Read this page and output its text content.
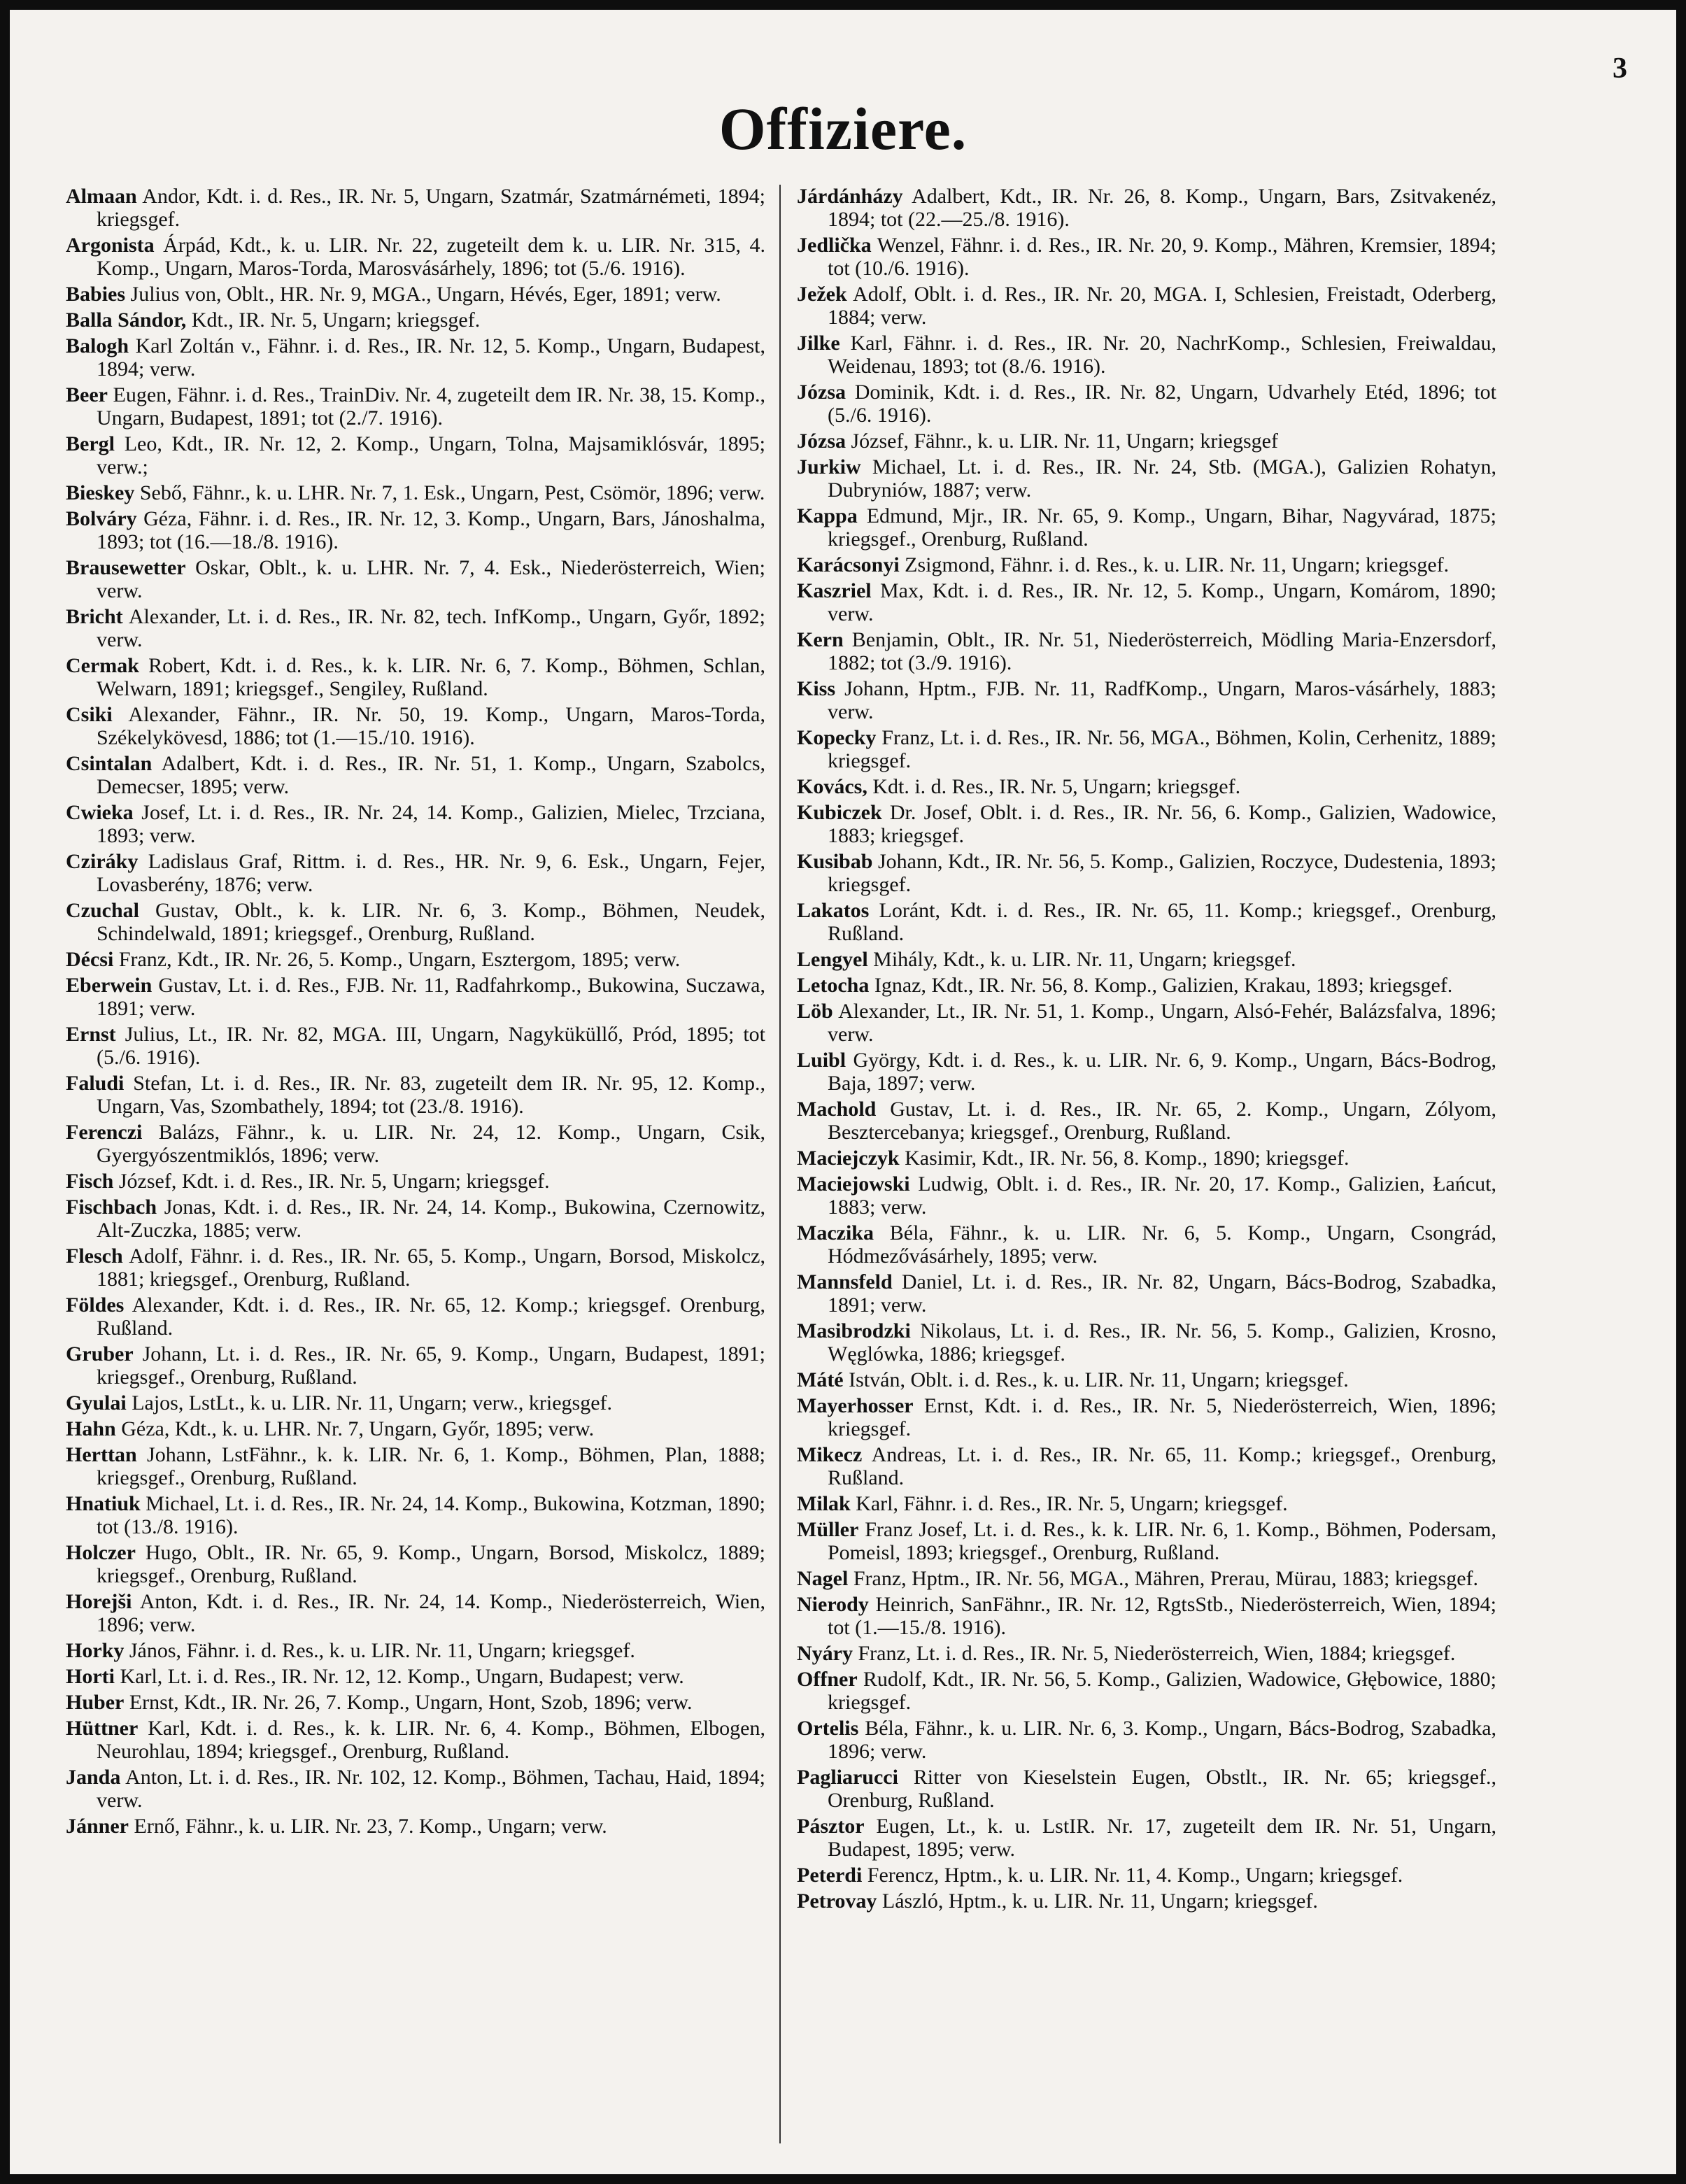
3
Offiziere.

Almaan Andor, Kdt. i. d. Res., IR. Nr. 5, Ungarn, Szatmár, Szatmárnémeti, 1894; kriegsgef.

Argonista Árpád, Kdt., k. u. LIR. Nr. 22, zugeteilt dem k. u. LIR. Nr. 315, 4. Komp., Ungarn, Maros-Torda, Marosvásárhely, 1896; tot (5./6. 1916).

Babies Julius von, Oblt., HR. Nr. 9, MGA., Ungarn, Hévés, Eger, 1891; verw.

Balla Sándor, Kdt., IR. Nr. 5, Ungarn; kriegsgef.

Balogh Karl Zoltán v., Fähnr. i. d. Res., IR. Nr. 12, 5. Komp., Ungarn, Budapest, 1894; verw.

Beer Eugen, Fähnr. i. d. Res., TrainDiv. Nr. 4, zugeteilt dem IR. Nr. 38, 15. Komp., Ungarn, Budapest, 1891; tot (2./7. 1916).

Bergl Leo, Kdt., IR. Nr. 12, 2. Komp., Ungarn, Tolna, Majsamiklósvár, 1895; verw.;

Bieskey Sebő, Fähnr., k. u. LHR. Nr. 7, 1. Esk., Ungarn, Pest, Csömör, 1896; verw.

Bolváry Géza, Fähnr. i. d. Res., IR. Nr. 12, 3. Komp., Ungarn, Bars, Jánoshalma, 1893; tot (16.—18./8. 1916).

Brausewetter Oskar, Oblt., k. u. LHR. Nr. 7, 4. Esk., Niederösterreich, Wien; verw.

Bricht Alexander, Lt. i. d. Res., IR. Nr. 82, tech. InfKomp., Ungarn, Győr, 1892; verw.

Cermak Robert, Kdt. i. d. Res., k. k. LIR. Nr. 6, 7. Komp., Böhmen, Schlan, Welwarn, 1891; kriegsgef., Sengiley, Rußland.

Csiki Alexander, Fähnr., IR. Nr. 50, 19. Komp., Ungarn, Maros-Torda, Székelykövesd, 1886; tot (1.—15./10. 1916).

Csintalan Adalbert, Kdt. i. d. Res., IR. Nr. 51, 1. Komp., Ungarn, Szabolcs, Demecser, 1895; verw.

Cwieka Josef, Lt. i. d. Res., IR. Nr. 24, 14. Komp., Galizien, Mielec, Trzciana, 1893; verw.

Cziráky Ladislaus Graf, Rittm. i. d. Res., HR. Nr. 9, 6. Esk., Ungarn, Fejer, Lovasberény, 1876; verw.

Czuchal Gustav, Oblt., k. k. LIR. Nr. 6, 3. Komp., Böhmen, Neudek, Schindelwald, 1891; kriegsgef., Orenburg, Rußland.

Décsi Franz, Kdt., IR. Nr. 26, 5. Komp., Ungarn, Esztergom, 1895; verw.

Eberwein Gustav, Lt. i. d. Res., FJB. Nr. 11, Radfahrkomp., Bukowina, Suczawa, 1891; verw.

Ernst Julius, Lt., IR. Nr. 82, MGA. III, Ungarn, Nagyküküllő, Pród, 1895; tot (5./6. 1916).

Faludi Stefan, Lt. i. d. Res., IR. Nr. 83, zugeteilt dem IR. Nr. 95, 12. Komp., Ungarn, Vas, Szombathely, 1894; tot (23./8. 1916).

Ferenczi Balázs, Fähnr., k. u. LIR. Nr. 24, 12. Komp., Ungarn, Csik, Gyergyószentmiklós, 1896; verw.

Fisch József, Kdt. i. d. Res., IR. Nr. 5, Ungarn; kriegsgef.

Fischbach Jonas, Kdt. i. d. Res., IR. Nr. 24, 14. Komp., Bukowina, Czernowitz, Alt-Zuczka, 1885; verw.

Flesch Adolf, Fähnr. i. d. Res., IR. Nr. 65, 5. Komp., Ungarn, Borsod, Miskolcz, 1881; kriegsgef., Orenburg, Rußland.

Földes Alexander, Kdt. i. d. Res., IR. Nr. 65, 12. Komp.; kriegsgef. Orenburg, Rußland.

Gruber Johann, Lt. i. d. Res., IR. Nr. 65, 9. Komp., Ungarn, Budapest, 1891; kriegsgef., Orenburg, Rußland.

Gyulai Lajos, LstLt., k. u. LIR. Nr. 11, Ungarn; verw., kriegsgef.

Hahn Géza, Kdt., k. u. LHR. Nr. 7, Ungarn, Győr, 1895; verw.

Herttan Johann, LstFähnr., k. k. LIR. Nr. 6, 1. Komp., Böhmen, Plan, 1888; kriegsgef., Orenburg, Rußland.

Hnatiuk Michael, Lt. i. d. Res., IR. Nr. 24, 14. Komp., Bukowina, Kotzman, 1890; tot (13./8. 1916).

Holczer Hugo, Oblt., IR. Nr. 65, 9. Komp., Ungarn, Borsod, Miskolcz, 1889; kriegsgef., Orenburg, Rußland.

Horejši Anton, Kdt. i. d. Res., IR. Nr. 24, 14. Komp., Niederösterreich, Wien, 1896; verw.

Horky János, Fähnr. i. d. Res., k. u. LIR. Nr. 11, Ungarn; kriegsgef.

Horti Karl, Lt. i. d. Res., IR. Nr. 12, 12. Komp., Ungarn, Budapest; verw.

Huber Ernst, Kdt., IR. Nr. 26, 7. Komp., Ungarn, Hont, Szob, 1896; verw.

Hüttner Karl, Kdt. i. d. Res., k. k. LIR. Nr. 6, 4. Komp., Böhmen, Elbogen, Neurohlau, 1894; kriegsgef., Orenburg, Rußland.

Janda Anton, Lt. i. d. Res., IR. Nr. 102, 12. Komp., Böhmen, Tachau, Haid, 1894; verw.

Jánner Ernő, Fähnr., k. u. LIR. Nr. 23, 7. Komp., Ungarn; verw.

Járdánházy Adalbert, Kdt., IR. Nr. 26, 8. Komp., Ungarn, Bars, Zsitvakenéz, 1894; tot (22.—25./8. 1916).

Jedlička Wenzel, Fähnr. i. d. Res., IR. Nr. 20, 9. Komp., Mähren, Kremsier, 1894; tot (10./6. 1916).

Ježek Adolf, Oblt. i. d. Res., IR. Nr. 20, MGA. I, Schlesien, Freistadt, Oderberg, 1884; verw.

Jilke Karl, Fähnr. i. d. Res., IR. Nr. 20, NachrKomp., Schlesien, Freiwaldau, Weidenau, 1893; tot (8./6. 1916).

Józsa Dominik, Kdt. i. d. Res., IR. Nr. 82, Ungarn, Udvarhely Etéd, 1896; tot (5./6. 1916).

Józsa József, Fähnr., k. u. LIR. Nr. 11, Ungarn; kriegsgef

Jurkiw Michael, Lt. i. d. Res., IR. Nr. 24, Stb. (MGA.), Galizien Rohatyn, Dubryniów, 1887; verw.

Kappa Edmund, Mjr., IR. Nr. 65, 9. Komp., Ungarn, Bihar, Nagyvárad, 1875; kriegsgef., Orenburg, Rußland.

Karácsonyi Zsigmond, Fähnr. i. d. Res., k. u. LIR. Nr. 11, Ungarn; kriegsgef.

Kaszriel Max, Kdt. i. d. Res., IR. Nr. 12, 5. Komp., Ungarn, Komárom, 1890; verw.

Kern Benjamin, Oblt., IR. Nr. 51, Niederösterreich, Mödling Maria-Enzersdorf, 1882; tot (3./9. 1916).

Kiss Johann, Hptm., FJB. Nr. 11, RadfKomp., Ungarn, Maros-vásárhely, 1883; verw.

Kopecky Franz, Lt. i. d. Res., IR. Nr. 56, MGA., Böhmen, Kolin, Cerhenitz, 1889; kriegsgef.

Kovács, Kdt. i. d. Res., IR. Nr. 5, Ungarn; kriegsgef.

Kubiczek Dr. Josef, Oblt. i. d. Res., IR. Nr. 56, 6. Komp., Galizien, Wadowice, 1883; kriegsgef.

Kusibab Johann, Kdt., IR. Nr. 56, 5. Komp., Galizien, Roczyce, Dudestenia, 1893; kriegsgef.

Lakatos Loránt, Kdt. i. d. Res., IR. Nr. 65, 11. Komp.; kriegsgef., Orenburg, Rußland.

Lengyel Mihály, Kdt., k. u. LIR. Nr. 11, Ungarn; kriegsgef.

Letocha Ignaz, Kdt., IR. Nr. 56, 8. Komp., Galizien, Krakau, 1893; kriegsgef.

Löb Alexander, Lt., IR. Nr. 51, 1. Komp., Ungarn, Alsó-Fehér, Balázsfalva, 1896; verw.

Luibl György, Kdt. i. d. Res., k. u. LIR. Nr. 6, 9. Komp., Ungarn, Bács-Bodrog, Baja, 1897; verw.

Machold Gustav, Lt. i. d. Res., IR. Nr. 65, 2. Komp., Ungarn, Zólyom, Besztercebanya; kriegsgef., Orenburg, Rußland.

Maciejczyk Kasimir, Kdt., IR. Nr. 56, 8. Komp., 1890; kriegsgef.

Maciejowski Ludwig, Oblt. i. d. Res., IR. Nr. 20, 17. Komp., Galizien, Łańcut, 1883; verw.

Maczika Béla, Fähnr., k. u. LIR. Nr. 6, 5. Komp., Ungarn, Csongrád, Hódmezővásárhely, 1895; verw.

Mannsfeld Daniel, Lt. i. d. Res., IR. Nr. 82, Ungarn, Bács-Bodrog, Szabadka, 1891; verw.

Masibrodzki Nikolaus, Lt. i. d. Res., IR. Nr. 56, 5. Komp., Galizien, Krosno, Węglówka, 1886; kriegsgef.

Máté István, Oblt. i. d. Res., k. u. LIR. Nr. 11, Ungarn; kriegsgef.

Mayerhosser Ernst, Kdt. i. d. Res., IR. Nr. 5, Niederösterreich, Wien, 1896; kriegsgef.

Mikecz Andreas, Lt. i. d. Res., IR. Nr. 65, 11. Komp.; kriegsgef., Orenburg, Rußland.

Milak Karl, Fähnr. i. d. Res., IR. Nr. 5, Ungarn; kriegsgef.

Müller Franz Josef, Lt. i. d. Res., k. k. LIR. Nr. 6, 1. Komp., Böhmen, Podersam, Pomeisl, 1893; kriegsgef., Orenburg, Rußland.

Nagel Franz, Hptm., IR. Nr. 56, MGA., Mähren, Prerau, Mürau, 1883; kriegsgef.

Nierody Heinrich, SanFähnr., IR. Nr. 12, RgtsStb., Niederösterreich, Wien, 1894; tot (1.—15./8. 1916).

Nyáry Franz, Lt. i. d. Res., IR. Nr. 5, Niederösterreich, Wien, 1884; kriegsgef.

Offner Rudolf, Kdt., IR. Nr. 56, 5. Komp., Galizien, Wadowice, Głębowice, 1880; kriegsgef.

Ortelis Béla, Fähnr., k. u. LIR. Nr. 6, 3. Komp., Ungarn, Bács-Bodrog, Szabadka, 1896; verw.

Pagliarucci Ritter von Kieselstein Eugen, Obstlt., IR. Nr. 65; kriegsgef., Orenburg, Rußland.

Pásztor Eugen, Lt., k. u. LstIR. Nr. 17, zugeteilt dem IR. Nr. 51, Ungarn, Budapest, 1895; verw.

Peterdi Ferencz, Hptm., k. u. LIR. Nr. 11, 4. Komp., Ungarn; kriegsgef.

Petrovay László, Hptm., k. u. LIR. Nr. 11, Ungarn; kriegsgef.
